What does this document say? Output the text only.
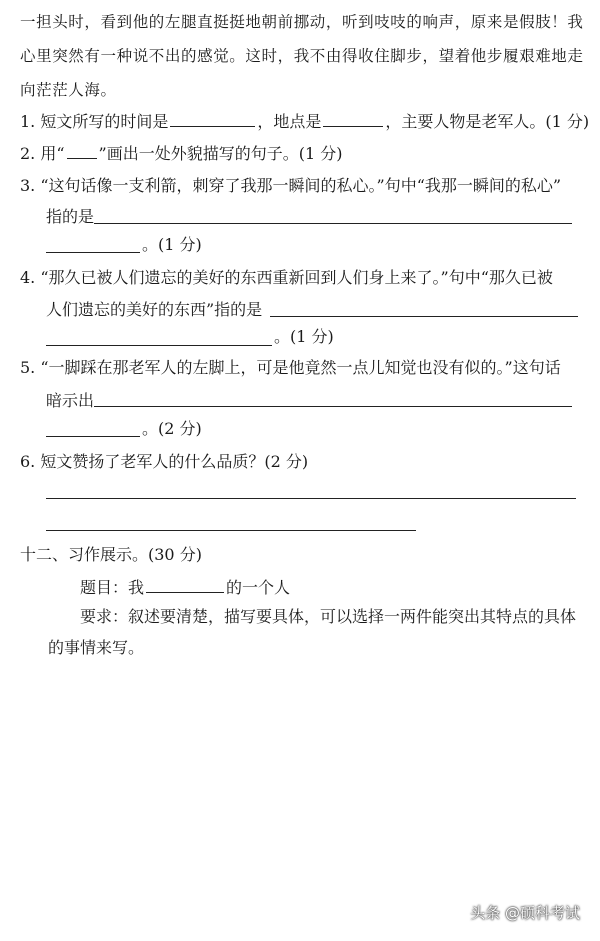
一担头时，看到他的左腿直挺挺地朝前挪动，听到吱吱的响声，原来是假肢！我
心里突然有一种说不出的感觉。这时，我不由得收住脚步，望着他步履艰难地走
向茫茫人海。
1. 短文所写的时间是	，地点是	，主要人物是老军人。(1 分)
2. 用“ ”画出一处外貌描写的句子。(1 分)
3. “这句话像一支利箭，刺穿了我那一瞬间的私心。”句中“我那一瞬间的私心”
指的是
。(1 分)
4. “那久已被人们遗忘的美好的东西重新回到人们身上来了。”句中“那久已被
人们遗忘的美好的东西”指的是
。(1 分)
5. “一脚踩在那老军人的左脚上，可是他竟然一点儿知觉也没有似的。”这句话
暗示出
。(2 分)
6. 短文赞扬了老军人的什么品质？(2 分)
十二、习作展示。(30 分)
题目：我	的一个人
要求：叙述要清楚，描写要具体，可以选择一两件能突出其特点的具体
的事情来写。
头条 @硕科考试
